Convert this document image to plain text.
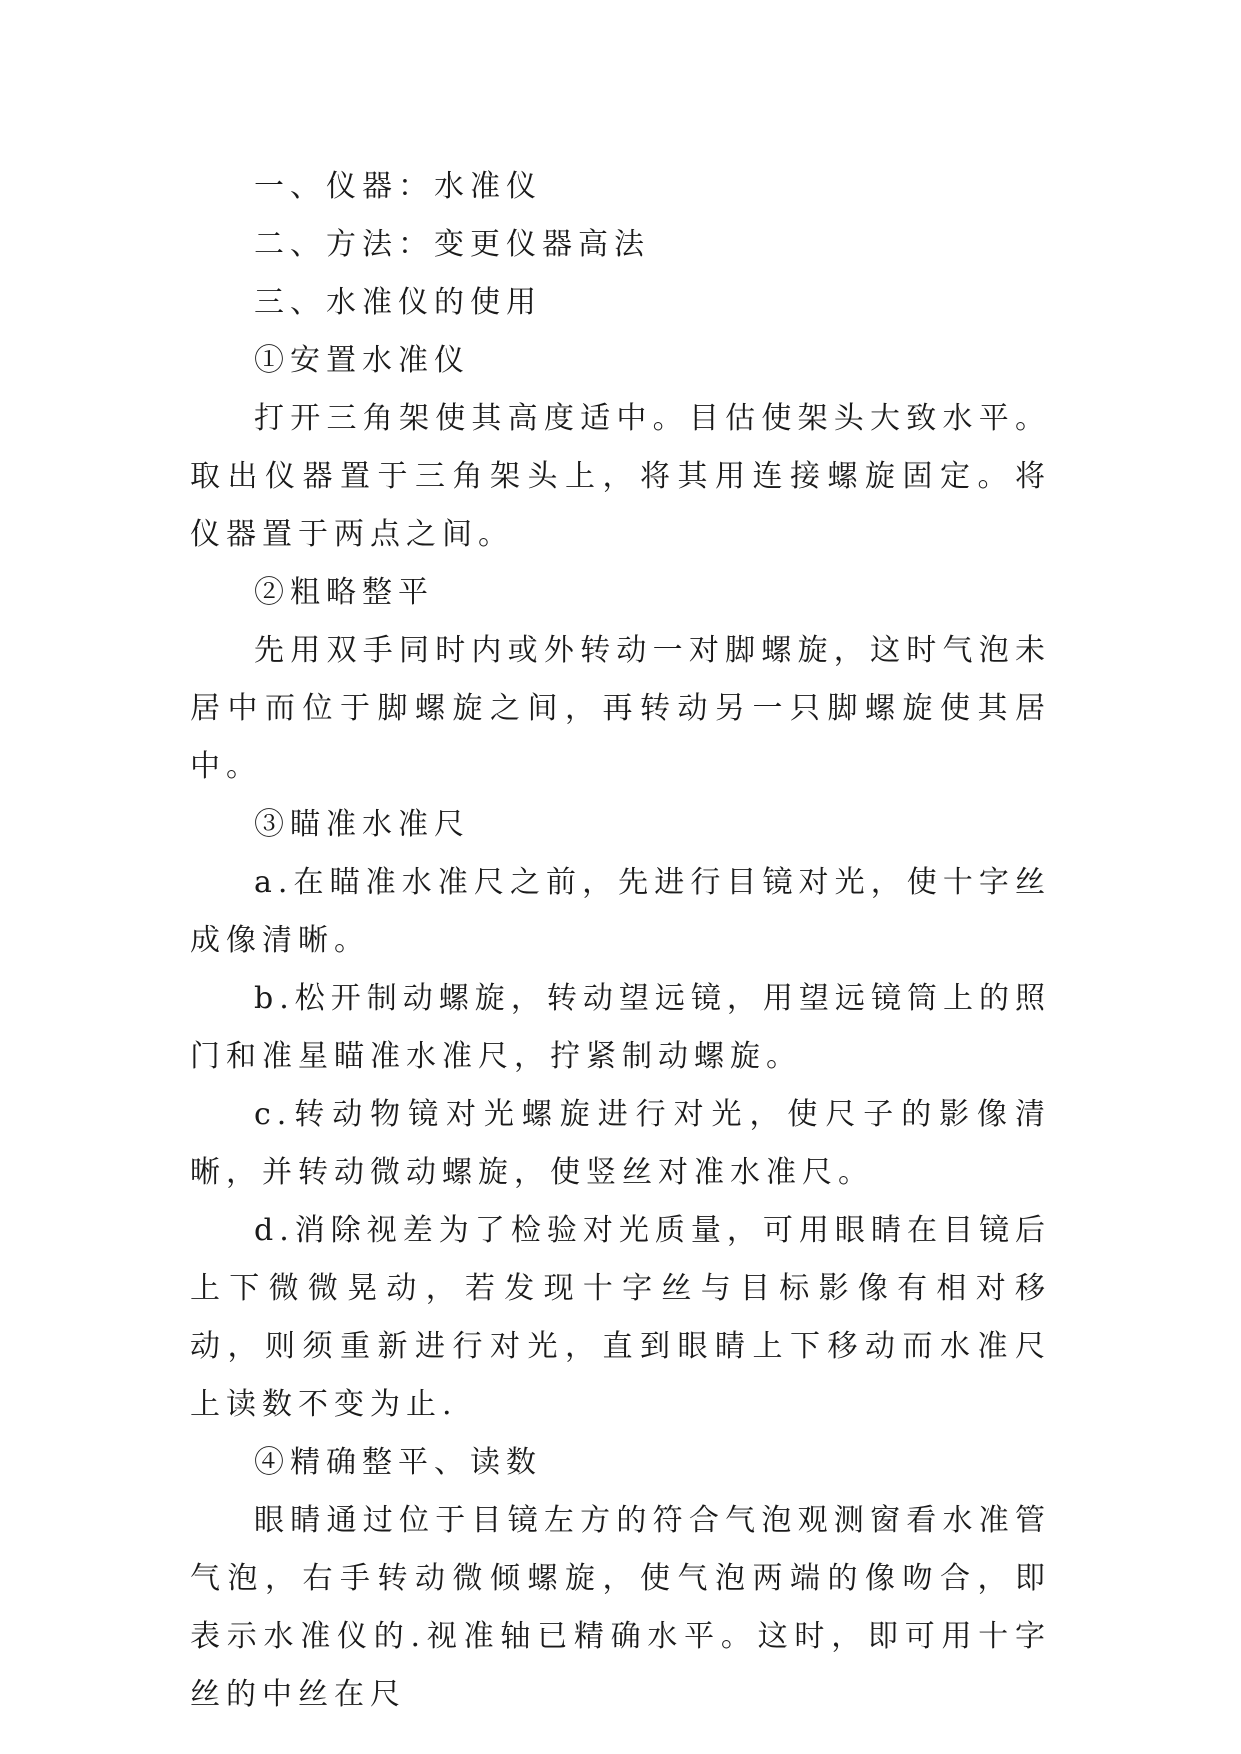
一、仪器：水准仪

二、方法：变更仪器高法

三、水准仪的使用

①安置水准仪

打开三角架使其高度适中。目估使架头大致水平。取出仪器置于三角架头上，将其用连接螺旋固定。将仪器置于两点之间。

②粗略整平

先用双手同时内或外转动一对脚螺旋，这时气泡未居中而位于脚螺旋之间，再转动另一只脚螺旋使其居中。

③瞄准水准尺

a.在瞄准水准尺之前，先进行目镜对光，使十字丝成像清晰。

b.松开制动螺旋，转动望远镜，用望远镜筒上的照门和准星瞄准水准尺，拧紧制动螺旋。

c.转动物镜对光螺旋进行对光，使尺子的影像清晰，并转动微动螺旋，使竖丝对准水准尺。

d.消除视差为了检验对光质量，可用眼睛在目镜后上下微微晃动，若发现十字丝与目标影像有相对移动，则须重新进行对光，直到眼睛上下移动而水准尺上读数不变为止.

④精确整平、读数

眼睛通过位于目镜左方的符合气泡观测窗看水准管气泡，右手转动微倾螺旋，使气泡两端的像吻合，即表示水准仪的.视准轴已精确水平。这时，即可用十字丝的中丝在尺
